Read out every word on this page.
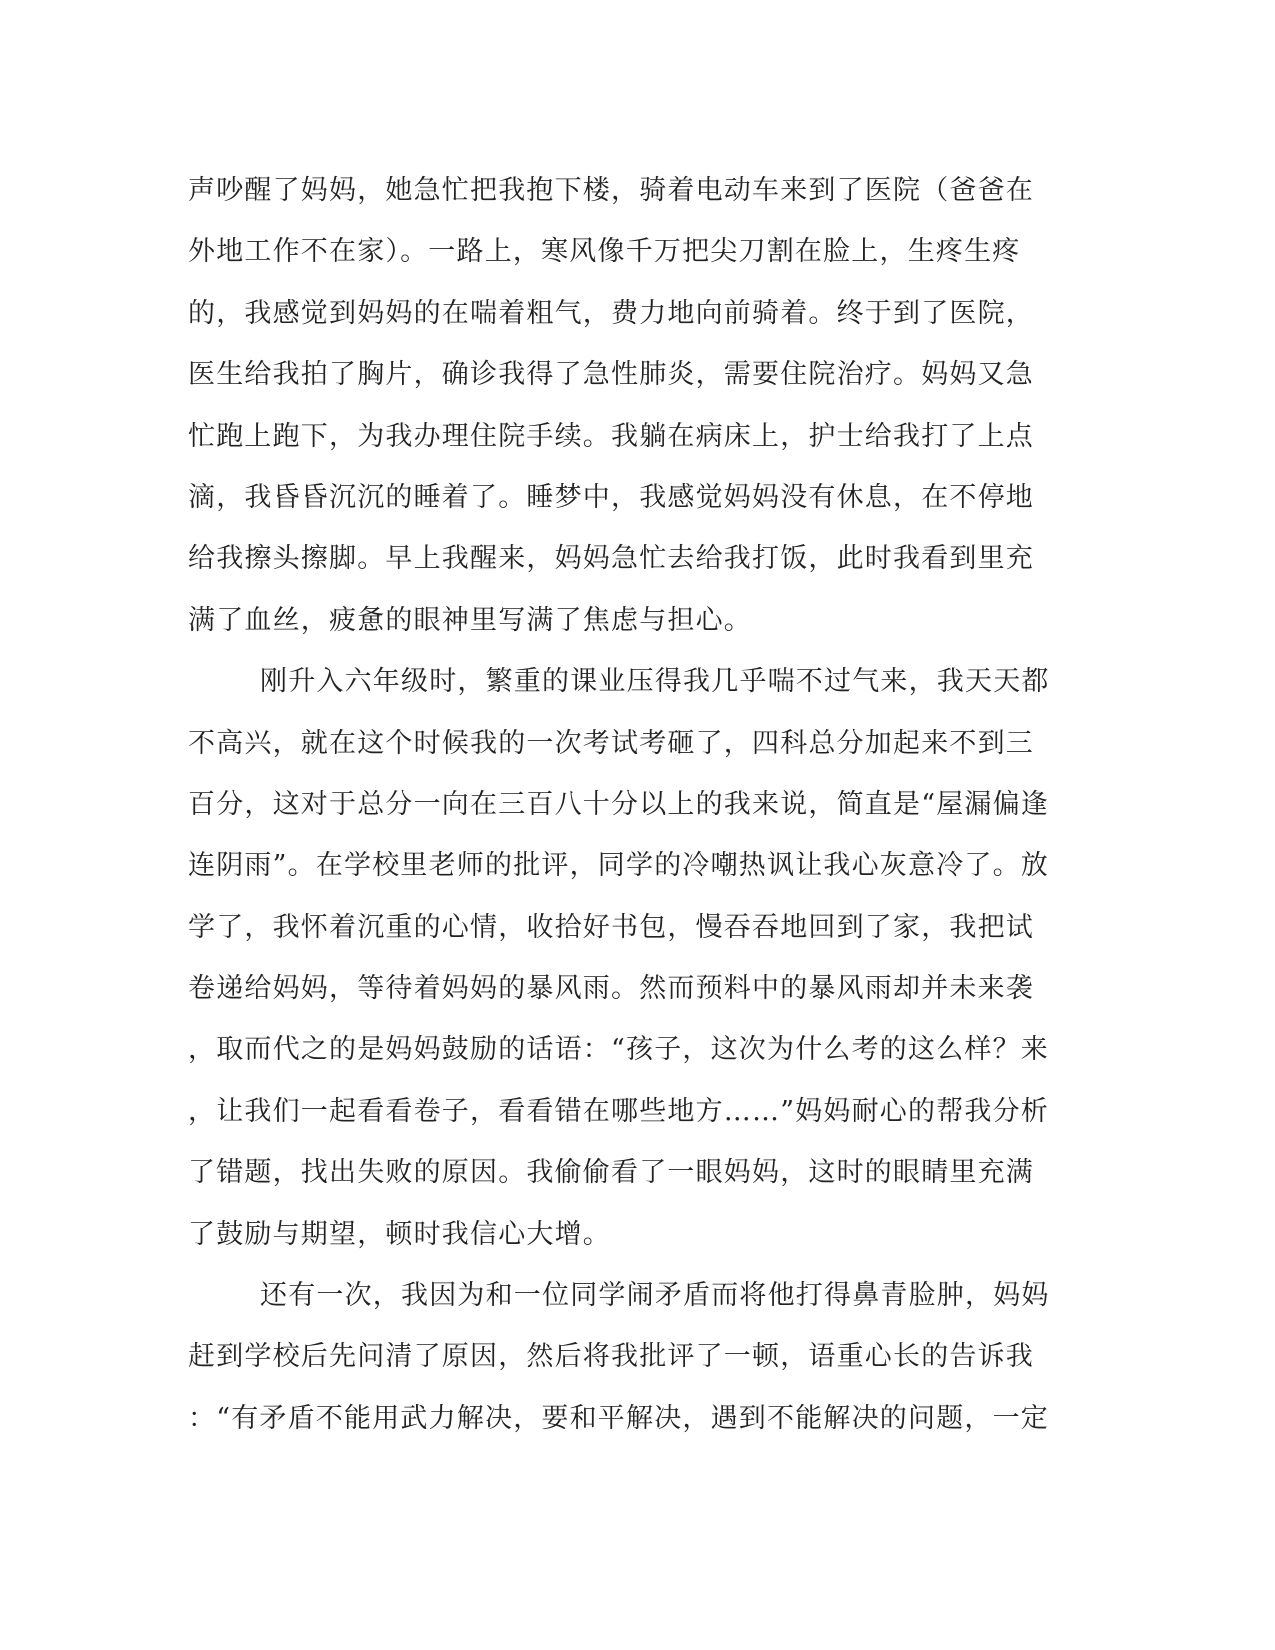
声吵醒了妈妈，她急忙把我抱下楼，骑着电动车来到了医院（爸爸在
外地工作不在家）。一路上，寒风像千万把尖刀割在脸上，生疼生疼
的，我感觉到妈妈的在喘着粗气，费力地向前骑着。终于到了医院，
医生给我拍了胸片，确诊我得了急性肺炎，需要住院治疗。妈妈又急
忙跑上跑下，为我办理住院手续。我躺在病床上，护士给我打了上点
滴，我昏昏沉沉的睡着了。睡梦中，我感觉妈妈没有休息，在不停地
给我擦头擦脚。早上我醒来，妈妈急忙去给我打饭，此时我看到里充
满了血丝，疲惫的眼神里写满了焦虑与担心。
刚升入六年级时，繁重的课业压得我几乎喘不过气来，我天天都
不高兴，就在这个时候我的一次考试考砸了，四科总分加起来不到三
百分，这对于总分一向在三百八十分以上的我来说，简直是“屋漏偏逢
连阴雨”。在学校里老师的批评，同学的冷嘲热讽让我心灰意冷了。放
学了，我怀着沉重的心情，收拾好书包，慢吞吞地回到了家，我把试
卷递给妈妈，等待着妈妈的暴风雨。然而预料中的暴风雨却并未来袭
，取而代之的是妈妈鼓励的话语：“孩子，这次为什么考的这么样？来
，让我们一起看看卷子，看看错在哪些地方……”妈妈耐心的帮我分析
了错题，找出失败的原因。我偷偷看了一眼妈妈，这时的眼睛里充满
了鼓励与期望，顿时我信心大增。
还有一次，我因为和一位同学闹矛盾而将他打得鼻青脸肿，妈妈
赶到学校后先问清了原因，然后将我批评了一顿，语重心长的告诉我
：“有矛盾不能用武力解决，要和平解决，遇到不能解决的问题，一定
